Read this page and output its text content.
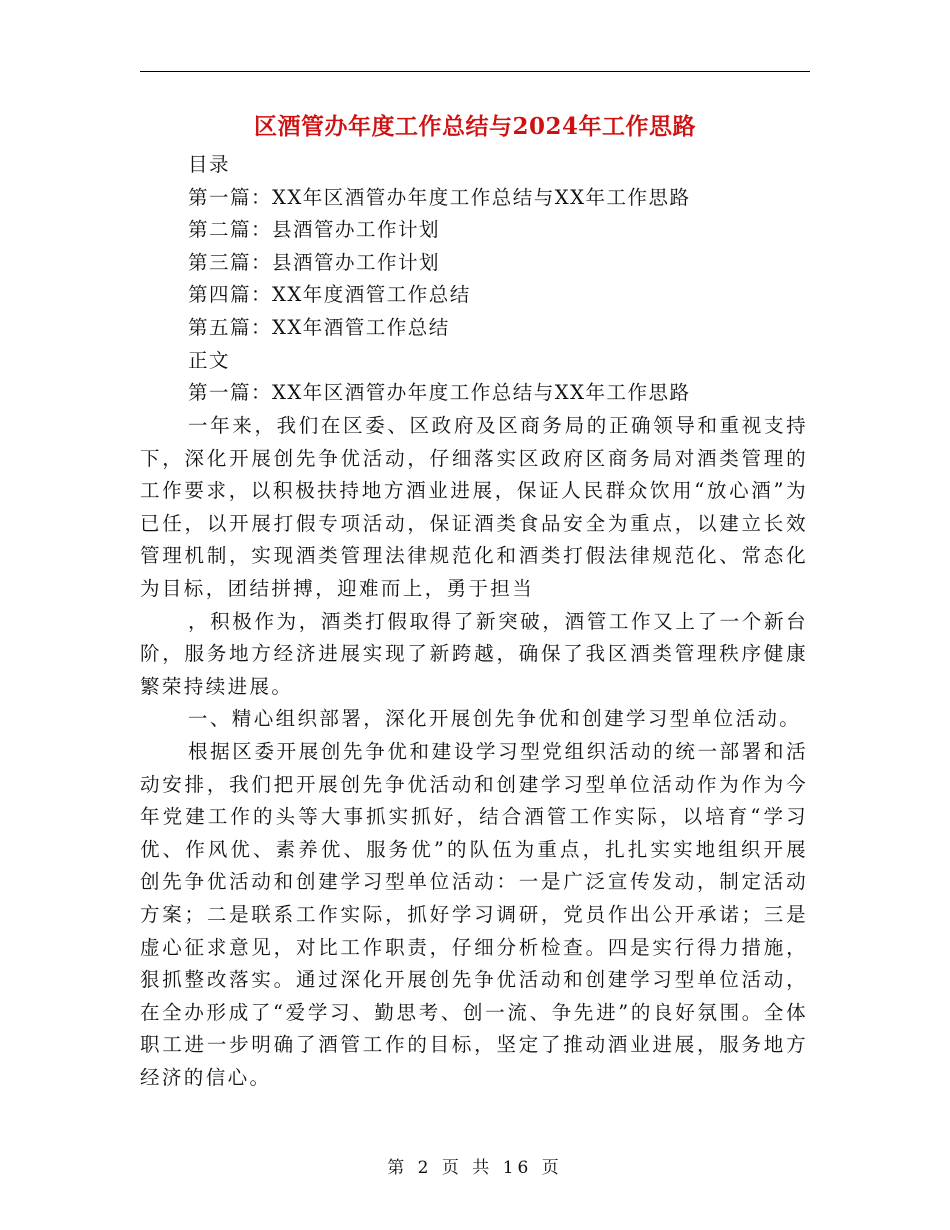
区酒管办年度工作总结与2024年工作思路
目录
第一篇：XX年区酒管办年度工作总结与XX年工作思路
第二篇：县酒管办工作计划
第三篇：县酒管办工作计划
第四篇：XX年度酒管工作总结
第五篇：XX年酒管工作总结
正文
第一篇：XX年区酒管办年度工作总结与XX年工作思路

一年来，我们在区委、区政府及区商务局的正确领导和重视支持下，深化开展创先争优活动，仔细落实区政府区商务局对酒类管理的工作要求，以积极扶持地方酒业进展，保证人民群众饮用“放心酒”为已任，以开展打假专项活动，保证酒类食品安全为重点，以建立长效管理机制，实现酒类管理法律规范化和酒类打假法律规范化、常态化为目标，团结拼搏，迎难而上，勇于担当

，积极作为，酒类打假取得了新突破，酒管工作又上了一个新台阶，服务地方经济进展实现了新跨越，确保了我区酒类管理秩序健康繁荣持续进展。

一、精心组织部署，深化开展创先争优和创建学习型单位活动。

根据区委开展创先争优和建设学习型党组织活动的统一部署和活动安排，我们把开展创先争优活动和创建学习型单位活动作为作为今年党建工作的头等大事抓实抓好，结合酒管工作实际，以培育“学习优、作风优、素养优、服务优”的队伍为重点，扎扎实实地组织开展创先争优活动和创建学习型单位活动：一是广泛宣传发动，制定活动方案；二是联系工作实际，抓好学习调研，党员作出公开承诺；三是虚心征求意见，对比工作职责，仔细分析检查。四是实行得力措施，狠抓整改落实。通过深化开展创先争优活动和创建学习型单位活动，在全办形成了“爱学习、勤思考、创一流、争先进”的良好氛围。全体职工进一步明确了酒管工作的目标，坚定了推动酒业进展，服务地方经济的信心。

第 2 页 共 16 页
